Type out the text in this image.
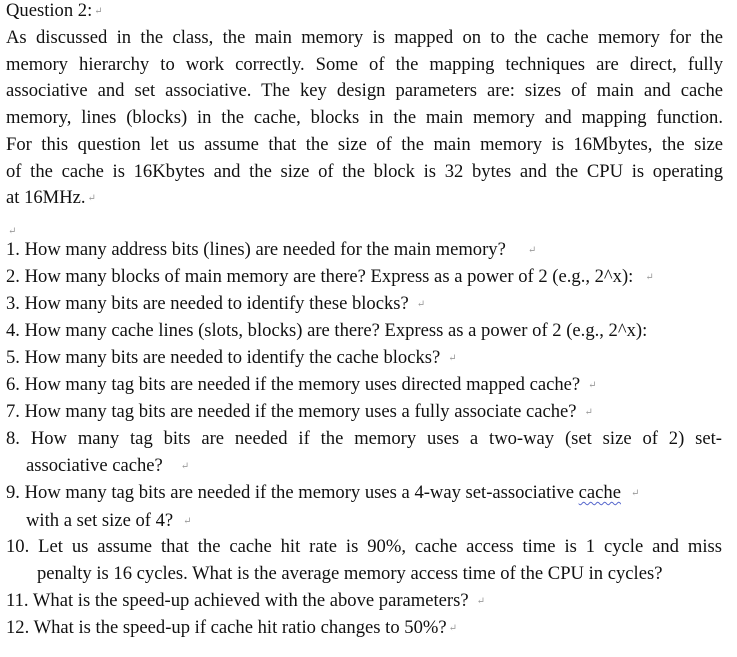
Question 2: ↵
As discussed in the class, the main memory is mapped on to the cache memory for the
memory hierarchy to work correctly. Some of the mapping techniques are direct, fully
associative and set associative. The key design parameters are: sizes of main and cache
memory, lines (blocks) in the cache, blocks in the main memory and mapping function.
For this question let us assume that the size of the main memory is 16Mbytes, the size
of the cache is 16Kbytes and the size of the block is 32 bytes and the CPU is operating
at 16MHz. ↵
↵
1. How many address bits (lines) are needed for the main memory? ↵
2. How many blocks of main memory are there? Express as a power of 2 (e.g., 2^x): ↵
3. How many bits are needed to identify these blocks? ↵
4. How many cache lines (slots, blocks) are there? Express as a power of 2 (e.g., 2^x):
5. How many bits are needed to identify the cache blocks? ↵
6. How many tag bits are needed if the memory uses directed mapped cache? ↵
7. How many tag bits are needed if the memory uses a fully associate cache? ↵
8. How many tag bits are needed if the memory uses a two-way (set size of 2) set-
associative cache? ↵
9. How many tag bits are needed if the memory uses a 4-way set-associative cache ↵
with a set size of 4? ↵
10. Let us assume that the cache hit rate is 90%, cache access time is 1 cycle and miss
penalty is 16 cycles. What is the average memory access time of the CPU in cycles?
11. What is the speed-up achieved with the above parameters? ↵
12. What is the speed-up if cache hit ratio changes to 50%? ↵
